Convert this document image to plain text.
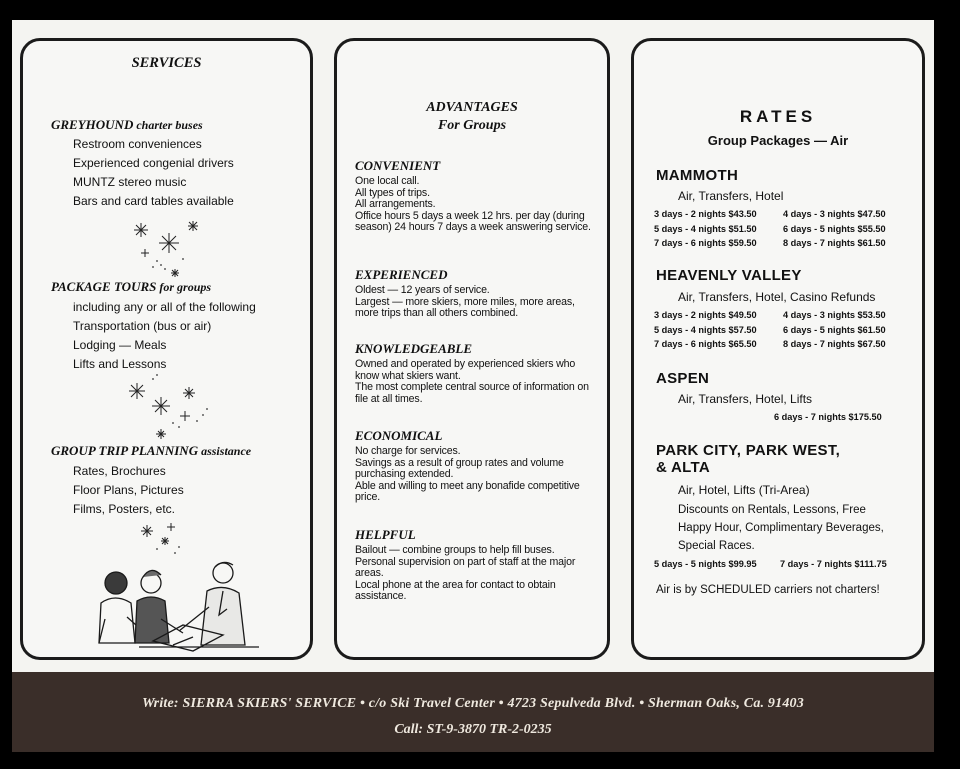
SERVICES
GREYHOUND charter buses
Restroom conveniences
Experienced congenial drivers
MUNTZ stereo music
Bars and card tables available
PACKAGE TOURS for groups
including any or all of the following
Transportation (bus or air)
Lodging — Meals
Lifts and Lessons
GROUP TRIP PLANNING assistance
Rates, Brochures
Floor Plans, Pictures
Films, Posters, etc.
ADVANTAGES
For Groups
CONVENIENT

One local call.
All types of trips.
All arrangements.
Office hours 5 days a week 12 hrs. per day (during season) 24 hours 7 days a week answering service.

EXPERIENCED

Oldest — 12 years of service.
Largest — more skiers, more miles, more areas, more trips than all others combined.

KNOWLEDGEABLE

Owned and operated by experienced skiers who know what skiers want.
The most complete central source of information on file at all times.

ECONOMICAL

No charge for services.
Savings as a result of group rates and volume purchasing extended.
Able and willing to meet any bonafide competitive price.

HELPFUL

Bailout — combine groups to help fill buses.
Personal supervision on part of staff at the major areas.
Local phone at the area for contact to obtain assistance.

RATES
Group Packages — Air
MAMMOTH
Air, Transfers, Hotel
3 days - 2 nights $43.50	4 days - 3 nights $47.50
5 days - 4 nights $51.50	6 days - 5 nights $55.50
7 days - 6 nights $59.50	8 days - 7 nights $61.50
HEAVENLY VALLEY
Air, Transfers, Hotel, Casino Refunds
3 days - 2 nights $49.50	4 days - 3 nights $53.50
5 days - 4 nights $57.50	6 days - 5 nights $61.50
7 days - 6 nights $65.50	8 days - 7 nights $67.50
ASPEN
Air, Transfers, Hotel, Lifts
6 days - 7 nights $175.50
PARK CITY, PARK WEST,
& ALTA
Air, Hotel, Lifts (Tri-Area)
Discounts on Rentals, Lessons, Free
Happy Hour, Complimentary Beverages,
Special Races.
5 days - 5 nights $99.95	7 days - 7 nights $111.75
Air is by SCHEDULED carriers not charters!
Write: SIERRA SKIERS' SERVICE • c/o Ski Travel Center • 4723 Sepulveda Blvd. • Sherman Oaks, Ca. 91403
Call: ST-9-3870 TR-2-0235
